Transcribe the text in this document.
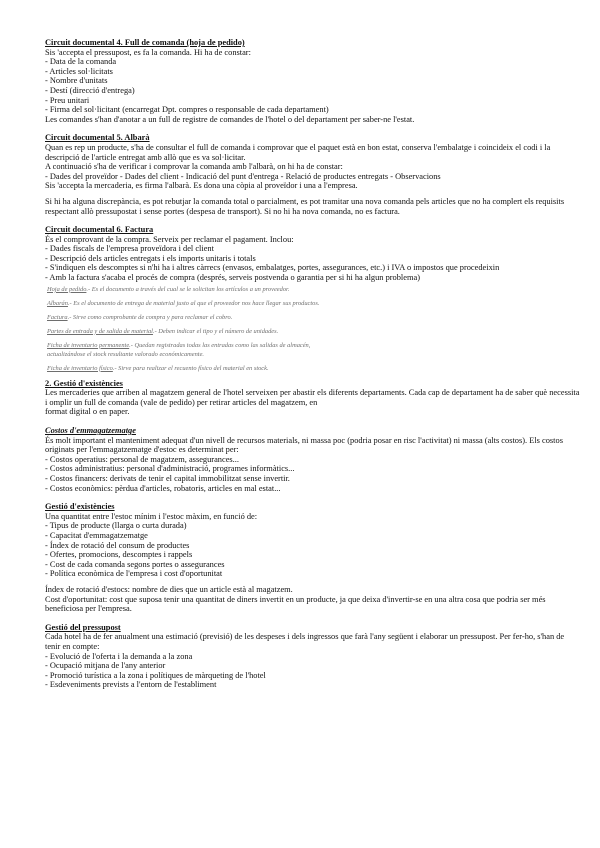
Circuit documental 4. Full de comanda (hoja de pedido)
Sis 'accepta el pressupost, es fa la comanda. Hi ha de constar:
- Data de la comanda
- Articles sol·licitats
- Nombre d'unitats
- Destí (direcció d'entrega)
- Preu unitari
- Firma del sol·licitant (encarregat Dpt. compres o responsable de cada departament)
Les comandes s'han d'anotar a un full de registre de comandes de l'hotel o del departament per saber-ne l'estat.
Circuit documental 5. Albarà
Quan es rep un producte, s'ha de consultar el full de comanda i comprovar que el paquet està en bon estat, conserva l'embalatge i coincideix el codi i la descripció de l'article entregat amb allò que es va sol·licitar.
A continuació s'ha de verificar i comprovar la comanda amb l'albarà, on hi ha de constar:
- Dades del proveïdor - Dades del client - Indicació del punt d'entrega - Relació de productes entregats - Observacions
Sis 'accepta la mercaderia, es firma l'albarà. Es dona una còpia al proveïdor i una a l'empresa.
Si hi ha alguna discrepància, es pot rebutjar la comanda total o parcialment, es pot tramitar una nova comanda pels articles que no ha complert els requisits respectant allò pressupostat i sense portes (despesa de transport). Si no hi ha nova comanda, no es factura.
Circuit documental 6. Factura
És el comprovant de la compra. Serveix per reclamar el pagament. Inclou:
- Dades fiscals de l'empresa proveïdora i del client
- Descripció dels articles entregats i els imports unitaris i totals
- S'indiquen els descomptes si n'hi ha i altres càrrecs (envasos, embalatges, portes, assegurances, etc.) i IVA o impostos que procedeixin
- Amb la factura s'acaba el procés de compra (després, serveis postvenda o garantia per si hi ha algun problema)
Hoja de pedido.- Es el documento a través del cual se le solicitan los artículos a un proveedor.
Albarán.- Es el documento de entrega de material justo al que el proveedor nos hace llegar sus productos.
Factura.- Sirve como comprobante de compra y para reclamar el cobro.
Partes de entrada y de salida de material.- Deben indicar el tipo y el número de unidades.
Ficha de inventario permanente.- Quedan registradas todas las entradas como las salidas de almacén, actualizándose el stock resultante valorado económicamente.
Ficha de inventario físico.- Sirve para realizar el recuento físico del material en stock.
2. Gestió d'existències
Les mercaderies que arriben al magatzem general de l'hotel serveixen per abastir els diferents departaments. Cada cap de departament ha de saber què necessita i omplir un full de comanda (vale de pedido) per retirar articles del magatzem, en
format digital o en paper.
Costos d'emmagatzematge
És molt important el manteniment adequat d'un nivell de recursos materials, ni massa poc (podria posar en risc l'activitat) ni massa (alts costos). Els costos originats per l'emmagatzematge d'estoc es determinat per:
- Costos operatius: personal de magatzem, assegurances...
- Costos administratius: personal d'administració, programes informàtics...
- Costos financers: derivats de tenir el capital immobilitzat sense invertir.
- Costos econòmics: pèrdua d'articles, robatoris, articles en mal estat...
Gestió d'existències
Una quantitat entre l'estoc mínim i l'estoc màxim, en funció de:
- Tipus de producte (llarga o curta durada)
- Capacitat d'emmagatzematge
- Índex de rotació del consum de productes
- Ofertes, promocions, descomptes i rappels
- Cost de cada comanda segons portes o assegurances
- Política econòmica de l'empresa i cost d'oportunitat
Índex de rotació d'estocs: nombre de dies que un article està al magatzem.
Cost d'oportunitat: cost que suposa tenir una quantitat de diners invertit en un producte, ja que deixa d'invertir-se en una altra cosa que podria ser més beneficiosa per l'empresa.
Gestió del pressupost
Cada hotel ha de fer anualment una estimació (previsió) de les despeses i dels ingressos que farà l'any següent i elaborar un pressupost. Per fer-ho, s'han de tenir en compte:
- Evolució de l'oferta i la demanda a la zona
- Ocupació mitjana de l'any anterior
- Promoció turística a la zona i polítiques de màrqueting de l'hotel
- Esdeveniments prevists a l'entorn de l'establiment
